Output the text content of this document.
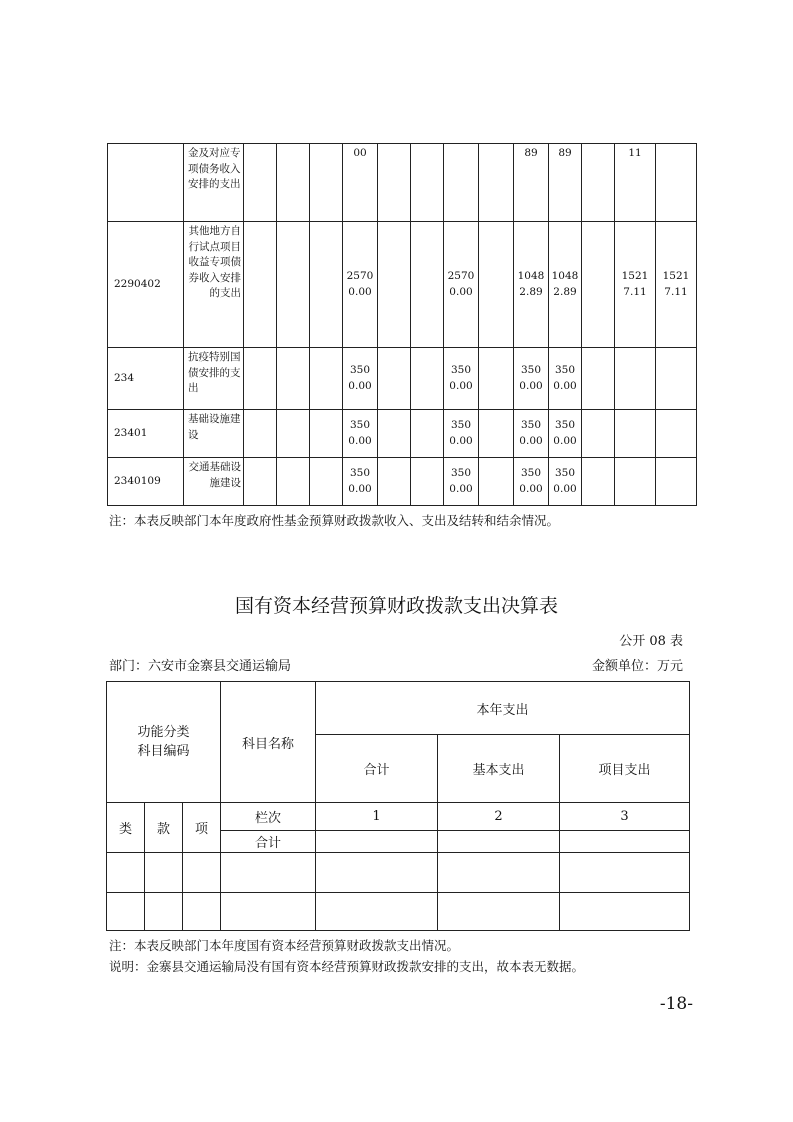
	金及对应专项债务收入安排的支出				00					89	89		11	
2290402	其他地方自行试点项目收益专项债券收入安排的支出				25700.00			25700.00		10482.89	10482.89		15217.11	15217.11
234	抗疫特别国债安排的支出				3500.00			3500.00		3500.00	3500.00			
23401	基础设施建设				3500.00			3500.00		3500.00	3500.00			
2340109	交通基础设施建设				3500.00			3500.00		3500.00	3500.00			
注：本表反映部门本年度政府性基金预算财政拨款收入、支出及结转和结余情况。
国有资本经营预算财政拨款支出决算表
公开 08 表
部门：六安市金寨县交通运输局	金额单位：万元
功能分类科目编码			科目名称	本年支出		
				合计	基本支出	项目支出

类	款	项	栏次	1	2	3
			合计			

注：本表反映部门本年度国有资本经营预算财政拨款支出情况。
说明：金寨县交通运输局没有国有资本经营预算财政拨款安排的支出，故本表无数据。
-18-
